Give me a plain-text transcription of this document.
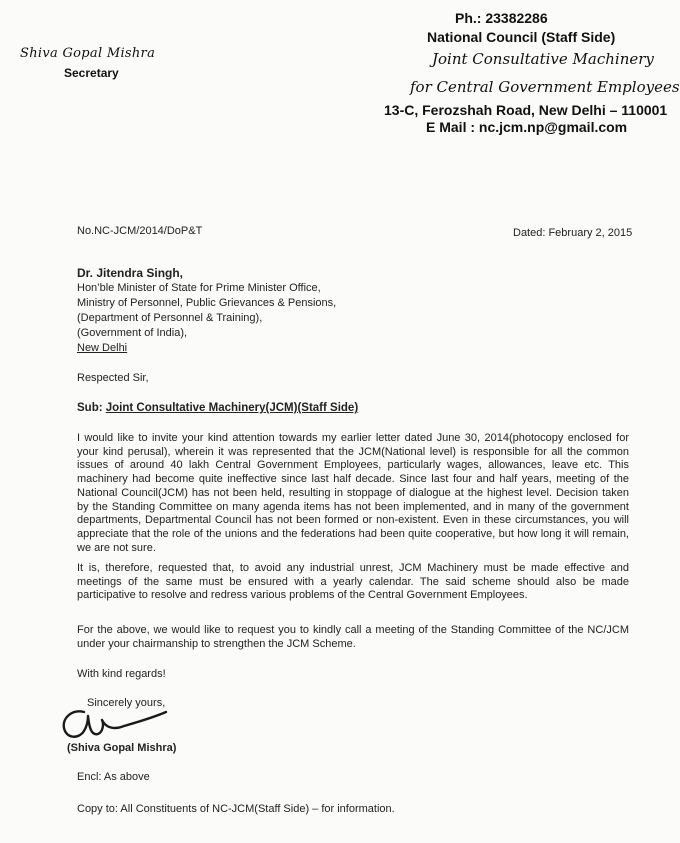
Shiva Gopal Mishra
Secretary
Ph.: 23382286
National Council (Staff Side)
Joint Consultative Machinery
for Central Government Employees
13-C, Ferozshah Road, New Delhi – 110001
E Mail : nc.jcm.np@gmail.com
No.NC-JCM/2014/DoP&T	Dated: February 2, 2015
Dr. Jitendra Singh,
Hon’ble Minister of State for Prime Minister Office,
Ministry of Personnel, Public Grievances & Pensions,
(Department of Personnel & Training),
(Government of India),
New Delhi
Respected Sir,
Sub: Joint Consultative Machinery(JCM)(Staff Side)
I would like to invite your kind attention towards my earlier letter dated June 30, 2014(photocopy enclosed for your kind perusal), wherein it was represented that the JCM(National level) is responsible for all the common issues of around 40 lakh Central Government Employees, particularly wages, allowances, leave etc. This machinery had become quite ineffective since last half decade. Since last four and half years, meeting of the National Council(JCM) has not been held, resulting in stoppage of dialogue at the highest level. Decision taken by the Standing Committee on many agenda items has not been implemented, and in many of the government departments, Departmental Council has not been formed or non-existent. Even in these circumstances, you will appreciate that the role of the unions and the federations had been quite cooperative, but how long it will remain, we are not sure.
It is, therefore, requested that, to avoid any industrial unrest, JCM Machinery must be made effective and meetings of the same must be ensured with a yearly calendar. The said scheme should also be made participative to resolve and redress various problems of the Central Government Employees.
For the above, we would like to request you to kindly call a meeting of the Standing Committee of the NC/JCM under your chairmanship to strengthen the JCM Scheme.
With kind regards!
Sincerely yours,
(Shiva Gopal Mishra)
Encl: As above
Copy to: All Constituents of NC-JCM(Staff Side) – for information.
